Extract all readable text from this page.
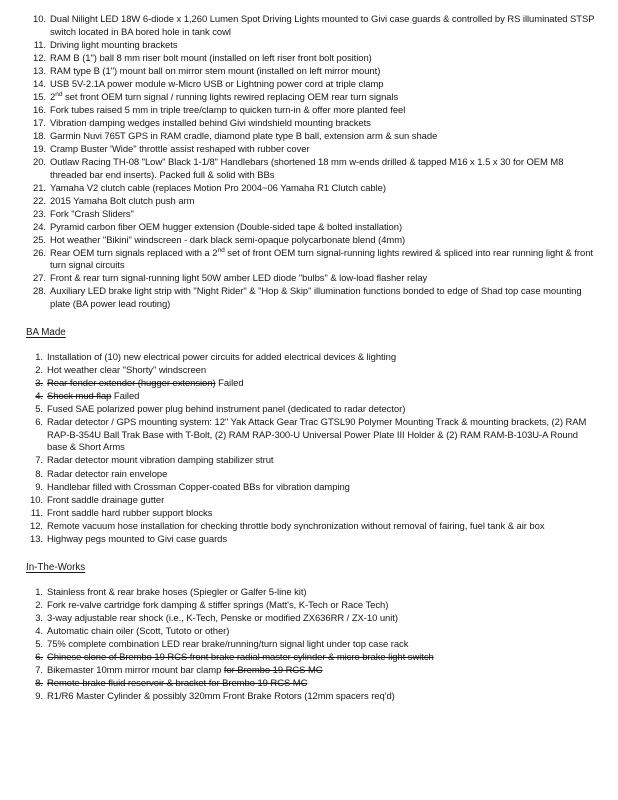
10. Dual Nilight LED 18W 6-diode x 1,260 Lumen Spot Driving Lights mounted to Givi case guards & controlled by RS illuminated STSP switch located in BA bored hole in tank cowl
11. Driving light mounting brackets
12. RAM B (1") ball 8 mm riser bolt mount (installed on left riser front bolt position)
13. RAM type B (1") mount ball on mirror stem mount (installed on left mirror mount)
14. USB 5V-2.1A power module w-Micro USB or Lightning power cord at triple clamp
15. 2nd set front OEM turn signal / running lights rewired replacing OEM rear turn signals
16. Fork tubes raised 5 mm in triple tree/clamp to quicken turn-in & offer more planted feel
17. Vibration damping wedges installed behind Givi windshield mounting brackets
18. Garmin Nuvi 765T GPS in RAM cradle, diamond plate type B ball, extension arm & sun shade
19. Cramp Buster 'Wide" throttle assist reshaped with rubber cover
20. Outlaw Racing TH-08 "Low" Black 1-1/8" Handlebars (shortened 18 mm w-ends drilled & tapped M16 x 1.5 x 30 for OEM M8 threaded bar end inserts). Packed full & solid with BBs
21. Yamaha V2 clutch cable (replaces Motion Pro 2004~06 Yamaha R1 Clutch cable)
22. 2015 Yamaha Bolt clutch push arm
23. Fork "Crash Sliders"
24. Pyramid carbon fiber OEM hugger extension (Double-sided tape & bolted installation)
25. Hot weather "Bikini" windscreen - dark black semi-opaque polycarbonate blend (4mm)
26. Rear OEM turn signals replaced with a 2nd set of front OEM turn signal-running lights rewired & spliced into rear running light & front turn signal circuits
27. Front & rear turn signal-running light 50W amber LED diode "bulbs" & low-load flasher relay
28. Auxiliary LED brake light strip with "Night Rider" & "Hop & Skip" illumination functions bonded to edge of Shad top case mounting plate (BA power lead routing)
BA Made
1. Installation of (10) new electrical power circuits for added electrical devices & lighting
2. Hot weather clear "Shorty" windscreen
3. Rear fender extender (hugger extension) Failed
4. Shock mud flap Failed
5. Fused SAE polarized power plug behind instrument panel (dedicated to radar detector)
6. Radar detector / GPS mounting system: 12" Yak Attack Gear Trac GTSL90 Polymer Mounting Track & mounting brackets, (2) RAM RAP-B-354U Ball Trak Base with T-Bolt, (2) RAM RAP-300-U Universal Power Plate III Holder & (2) RAM RAM-B-103U-A Round base & Short Arms
7. Radar detector mount vibration damping stabilizer strut
8. Radar detector rain envelope
9. Handlebar filled with Crossman Copper-coated BBs for vibration damping
10. Front saddle drainage gutter
11. Front saddle hard rubber support blocks
12. Remote vacuum hose installation for checking throttle body synchronization without removal of fairing, fuel tank & air box
13. Highway pegs mounted to Givi case guards
In-The-Works
1. Stainless front & rear brake hoses (Spiegler or Galfer 5-line kit)
2. Fork re-valve cartridge fork damping & stiffer springs (Matt's, K-Tech or Race Tech)
3. 3-way adjustable rear shock (i.e., K-Tech, Penske or modified ZX636RR / ZX-10 unit)
4. Automatic chain oiler (Scott, Tutoto or other)
5. 75% complete combination LED rear brake/running/turn signal light under top case rack
6. Chinese clone of Brembo 19 RCS front brake radial master cylinder & micro brake light switch
7. Bikemaster 10mm mirror mount bar clamp for Brembo 19 RCS MC
8. Remote brake fluid reservoir & bracket for Brembo 19 RCS MC
9. R1/R6 Master Cylinder & possibly 320mm Front Brake Rotors (12mm spacers req'd)
